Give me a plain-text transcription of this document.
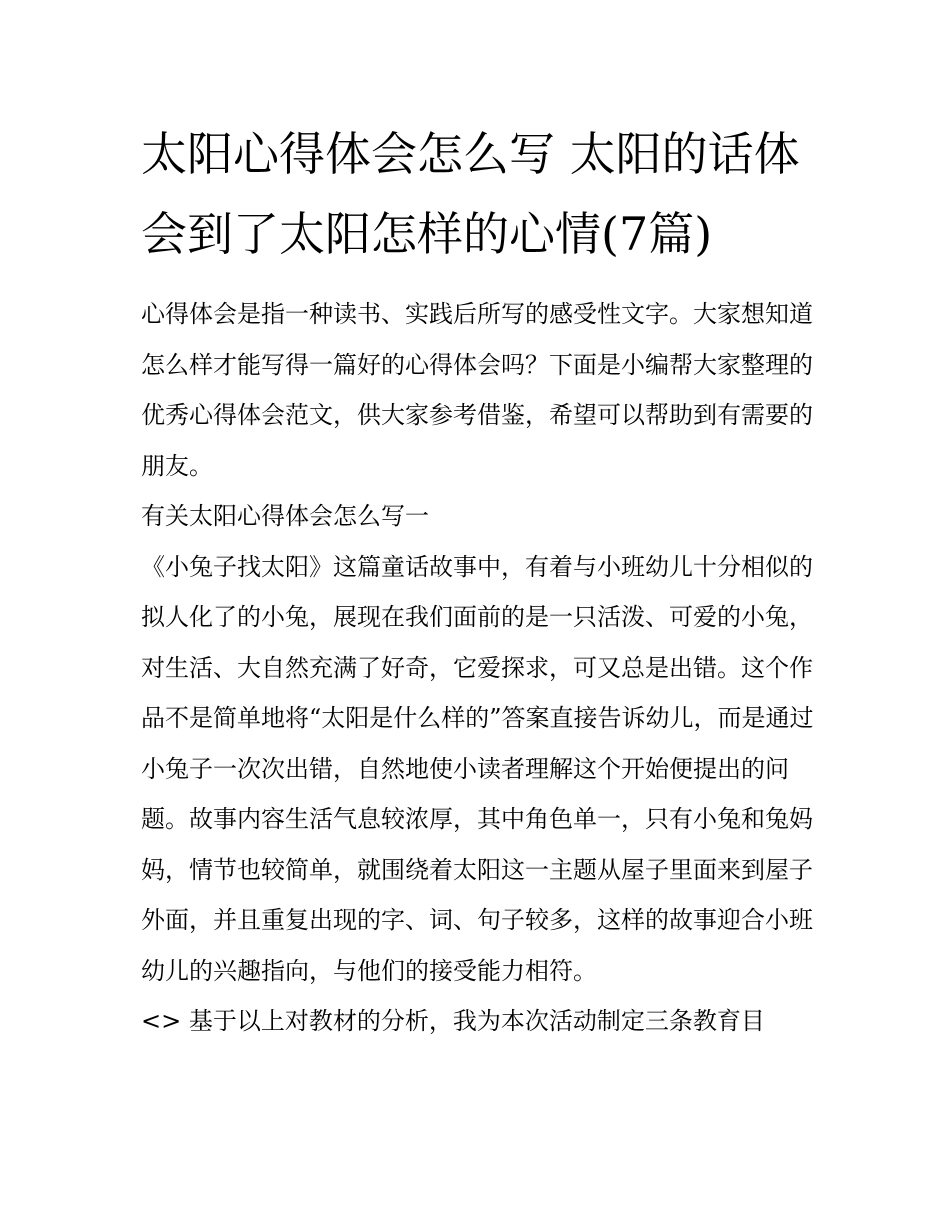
太阳心得体会怎么写 太阳的话体会到了太阳怎样的心情(7篇)

心得体会是指一种读书、实践后所写的感受性文字。大家想知道怎么样才能写得一篇好的心得体会吗？下面是小编帮大家整理的优秀心得体会范文，供大家参考借鉴，希望可以帮助到有需要的朋友。

有关太阳心得体会怎么写一

《小兔子找太阳》这篇童话故事中，有着与小班幼儿十分相似的拟人化了的小兔，展现在我们面前的是一只活泼、可爱的小兔，对生活、大自然充满了好奇，它爱探求，可又总是出错。这个作品不是简单地将“太阳是什么样的”答案直接告诉幼儿，而是通过小兔子一次次出错，自然地使小读者理解这个开始便提出的问题。故事内容生活气息较浓厚，其中角色单一，只有小兔和兔妈妈，情节也较简单，就围绕着太阳这一主题从屋子里面来到屋子外面，并且重复出现的字、词、句子较多，这样的故事迎合小班幼儿的兴趣指向，与他们的接受能力相符。

<> 基于以上对教材的分析，我为本次活动制定三条教育目
